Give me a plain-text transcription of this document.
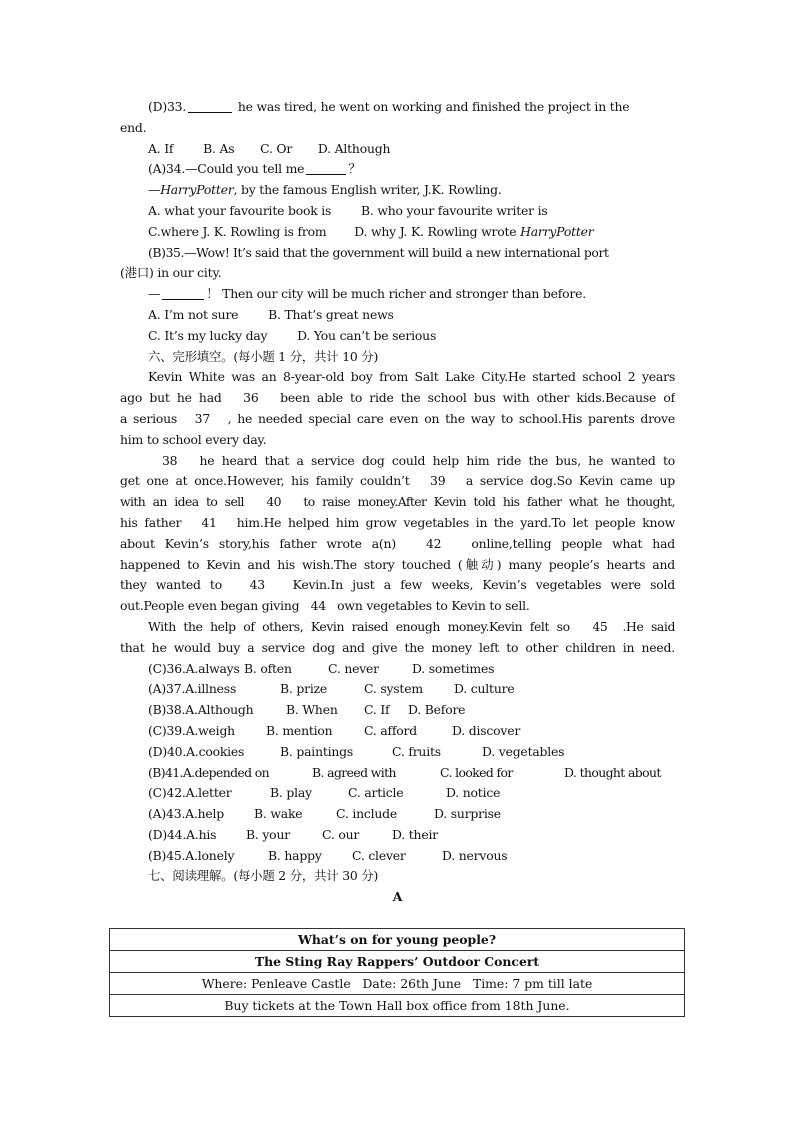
(D)33.	he was tired, he went on working and finished the project in the
end.
A. If B. As C. Or D. Although
(A)34.—Could you tell me	？
—HarryPotter, by the famous English writer, J.K. Rowling.
A. what your favourite book is B. who your favourite writer is
C.where J. K. Rowling is from D. why J. K. Rowling wrote HarryPotter
(B)35.—Wow! It’s said that the government will build a new international port
(港口) in our city.
—	！ Then our city will be much richer and stronger than before.
A. I’m not sure B. That’s great news
C. It’s my lucky day D. You can’t be serious
六、完形填空。(每小题 1 分，共计 10 分)
Kevin White was an 8-year-old boy from Salt Lake City.He started school 2 years
ago but he had   36   been able to ride the school bus with other kids.Because of
a serious   37   , he needed special care even on the way to school.His parents drove
him to school every day.
38   he heard that a service dog could help him ride the bus, he wanted to
get one at once.However, his family couldn’t   39   a service dog.So Kevin came up
with an idea to sell   40   to raise money.After Kevin told his father what he thought,
his father   41   him.He helped him grow vegetables in the yard.To let people know
about Kevin’s story,his father wrote a(n)   42   online,telling people what had
happened to Kevin and his wish.The story touched (触动) many people’s hearts and
they wanted to   43   Kevin.In just a few weeks, Kevin’s vegetables were sold
out.People even began giving   44   own vegetables to Kevin to sell.
With the help of others, Kevin raised enough money.Kevin felt so   45  .He said
that he would buy a service dog and give the money left to other children in need.
(C)36.A.always B. often	C. never	D. sometimes
(A)37.A.illness	B. prize	C. system	D. culture
(B)38.A.Although	B. When C. If D. Before
(C)39.A.weigh	B. mention	C. afford	D. discover
(D)40.A.cookies	B. paintings	C. fruits	D. vegetables
(B)41.A.depended on	B. agreed with	C. looked for	D. thought about
(C)42.A.letter	B. play	C. article	D. notice
(A)43.A.help B. wake	C. include	D. surprise
(D)44.A.his B. your	C. our	D. their
(B)45.A.lonely	B. happy C. clever	D. nervous
七、阅读理解。(每小题 2 分，共计 30 分)
A
What’s on for young people?
The Sting Ray Rappers’ Outdoor Concert
Where: Penleave Castle   Date: 26th June   Time: 7 pm till late
Buy tickets at the Town Hall box office from 18th June.
